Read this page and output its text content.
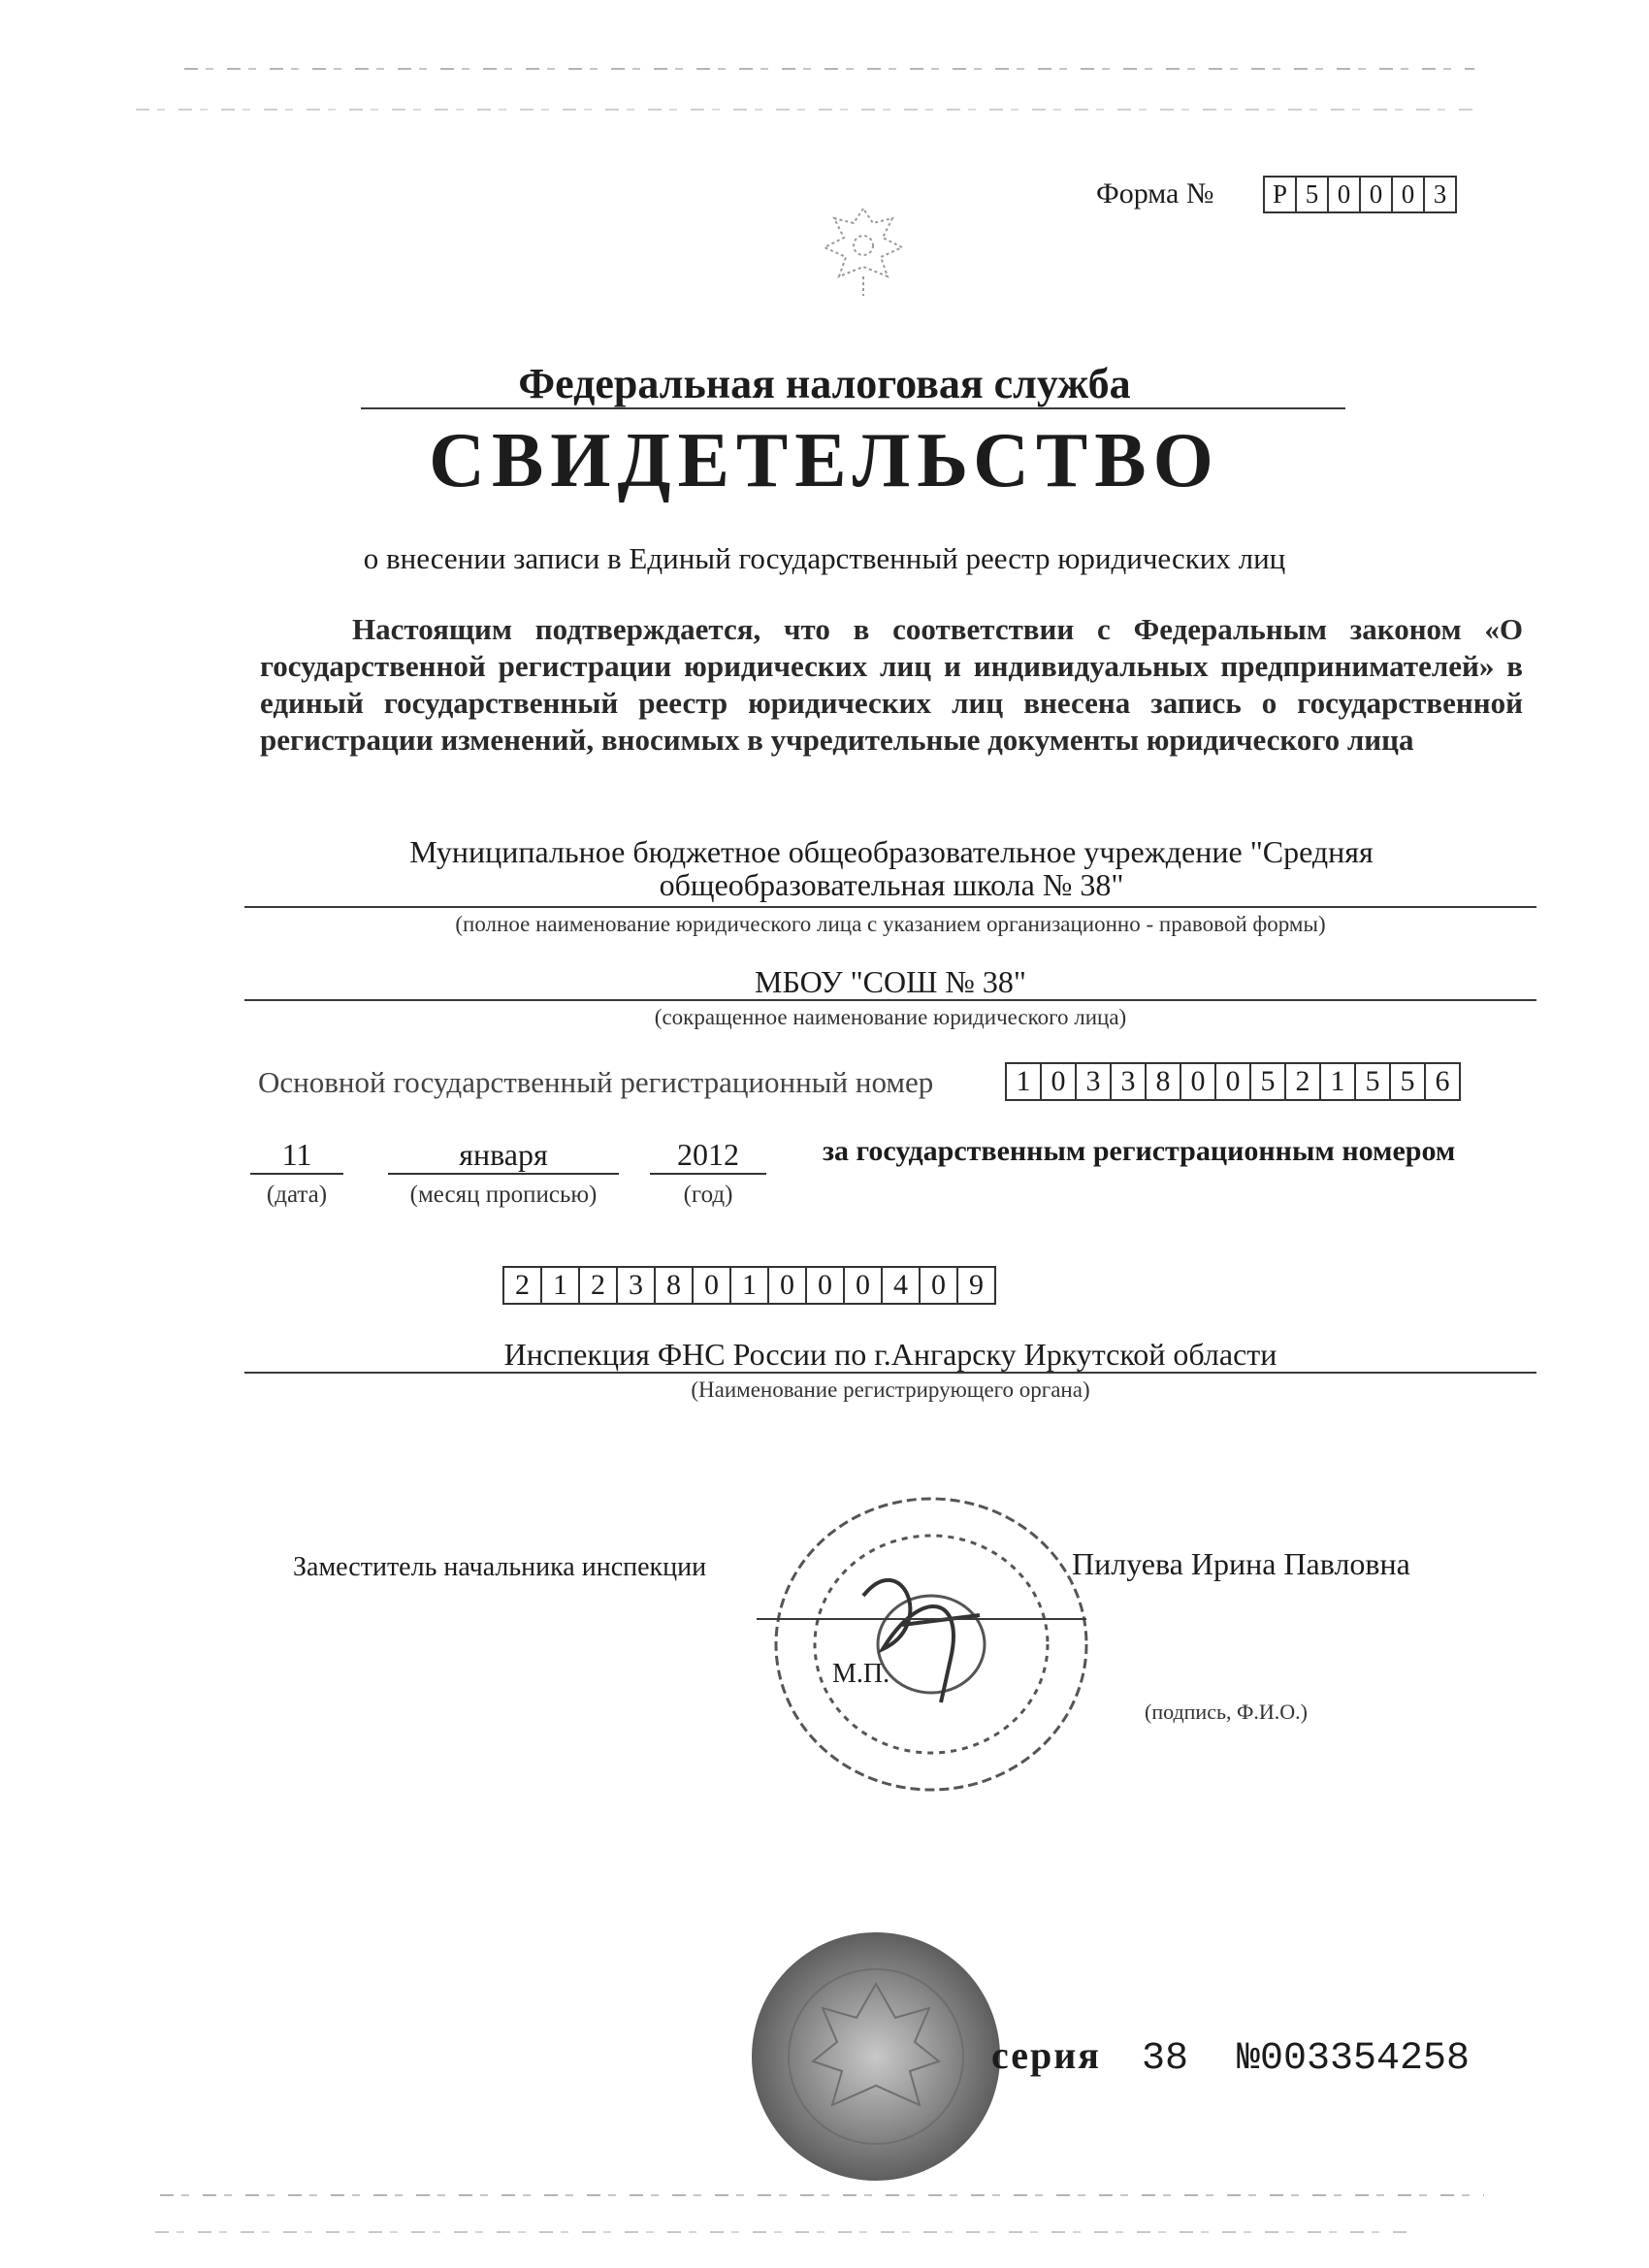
Форма № Р 5 0 0 0 3
Федеральная налоговая служба
СВИДЕТЕЛЬСТВО
о внесении записи в Единый государственный реестр юридических лиц
Настоящим подтверждается, что в соответствии с Федеральным законом «О государственной регистрации юридических лиц и индивидуальных предпринимателей» в единый государственный реестр юридических лиц внесена запись о государственной регистрации изменений, вносимых в учредительные документы юридического лица
Муниципальное бюджетное общеобразовательное учреждение "Средняя
общеобразовательная школа № 38"
(полное наименование юридического лица с указанием организационно - правовой формы)
МБОУ "СОШ № 38"
(сокращенное наименование юридического лица)
Основной государственный регистрационный номер	1 0 3 3 8 0 0 5 2 1 5 5 6
11
(дата)
января
(месяц прописью)
2012
(год)
за государственным регистрационным номером
2 1 2 3 8 0 1 0 0 0 4 0 9
Инспекция ФНС России по г.Ангарску Иркутской области
(Наименование регистрирующего органа)
Заместитель начальника инспекции	Пилуева Ирина Павловна
М.П.
(подпись, Ф.И.О.)
серия 38 №003354258
